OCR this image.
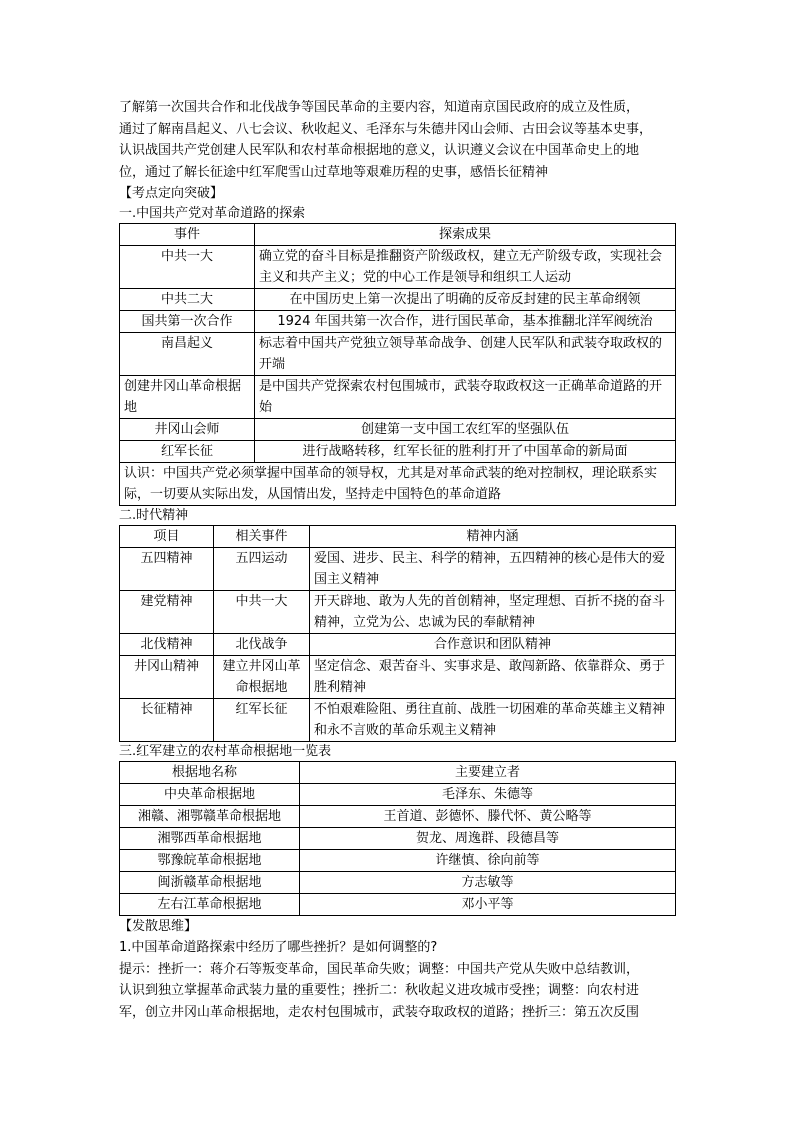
了解第一次国共合作和北伐战争等国民革命的主要内容，知道南京国民政府的成立及性质，

通过了解南昌起义、八七会议、秋收起义、毛泽东与朱德井冈山会师、古田会议等基本史事，

认识战国共产党创建人民军队和农村革命根据地的意义，认识遵义会议在中国革命史上的地

位，通过了解长征途中红军爬雪山过草地等艰难历程的史事，感悟长征精神

【考点定向突破】

一.中国共产党对革命道路的探索

事件	探索成果
中共一大	确立党的奋斗目标是推翻资产阶级政权，建立无产阶级专政，实现社会主义和共产主义；党的中心工作是领导和组织工人运动
中共二大	在中国历史上第一次提出了明确的反帝反封建的民主革命纲领
国共第一次合作	1924 年国共第一次合作，进行国民革命，基本推翻北洋军阀统治
南昌起义	标志着中国共产党独立领导革命战争、创建人民军队和武装夺取政权的开端
创建井冈山革命根据地	是中国共产党探索农村包围城市，武装夺取政权这一正确革命道路的开始
井冈山会师	创建第一支中国工农红军的坚强队伍
红军长征	进行战略转移，红军长征的胜利打开了中国革命的新局面
认识：中国共产党必须掌握中国革命的领导权，尤其是对革命武装的绝对控制权，理论联系实际，一切要从实际出发，从国情出发，坚持走中国特色的革命道路	

二.时代精神

项目	相关事件	精神内涵
五四精神	五四运动	爱国、进步、民主、科学的精神，五四精神的核心是伟大的爱国主义精神
建党精神	中共一大	开天辟地、敢为人先的首创精神，坚定理想、百折不挠的奋斗精神，立党为公、忠诚为民的奉献精神
北伐精神	北伐战争	合作意识和团队精神
井冈山精神	建立井冈山革命根据地	坚定信念、艰苦奋斗、实事求是、敢闯新路、依靠群众、勇于胜利精神
长征精神	红军长征	不怕艰难险阻、勇往直前、战胜一切困难的革命英雄主义精神和永不言败的革命乐观主义精神

三.红军建立的农村革命根据地一览表

根据地名称	主要建立者
中央革命根据地	毛泽东、朱德等
湘赣、湘鄂赣革命根据地	王首道、彭德怀、滕代怀、黄公略等
湘鄂西革命根据地	贺龙、周逸群、段德昌等
鄂豫皖革命根据地	许继慎、徐向前等
闽浙赣革命根据地	方志敏等
左右江革命根据地	邓小平等

【发散思维】

1.中国革命道路探索中经历了哪些挫折？是如何调整的?

提示：挫折一：蒋介石等叛变革命，国民革命失败；调整：中国共产党从失败中总结教训，

认识到独立掌握革命武装力量的重要性；挫折二：秋收起义进攻城市受挫；调整：向农村进

军，创立井冈山革命根据地，走农村包围城市，武装夺取政权的道路；挫折三：第五次反围
